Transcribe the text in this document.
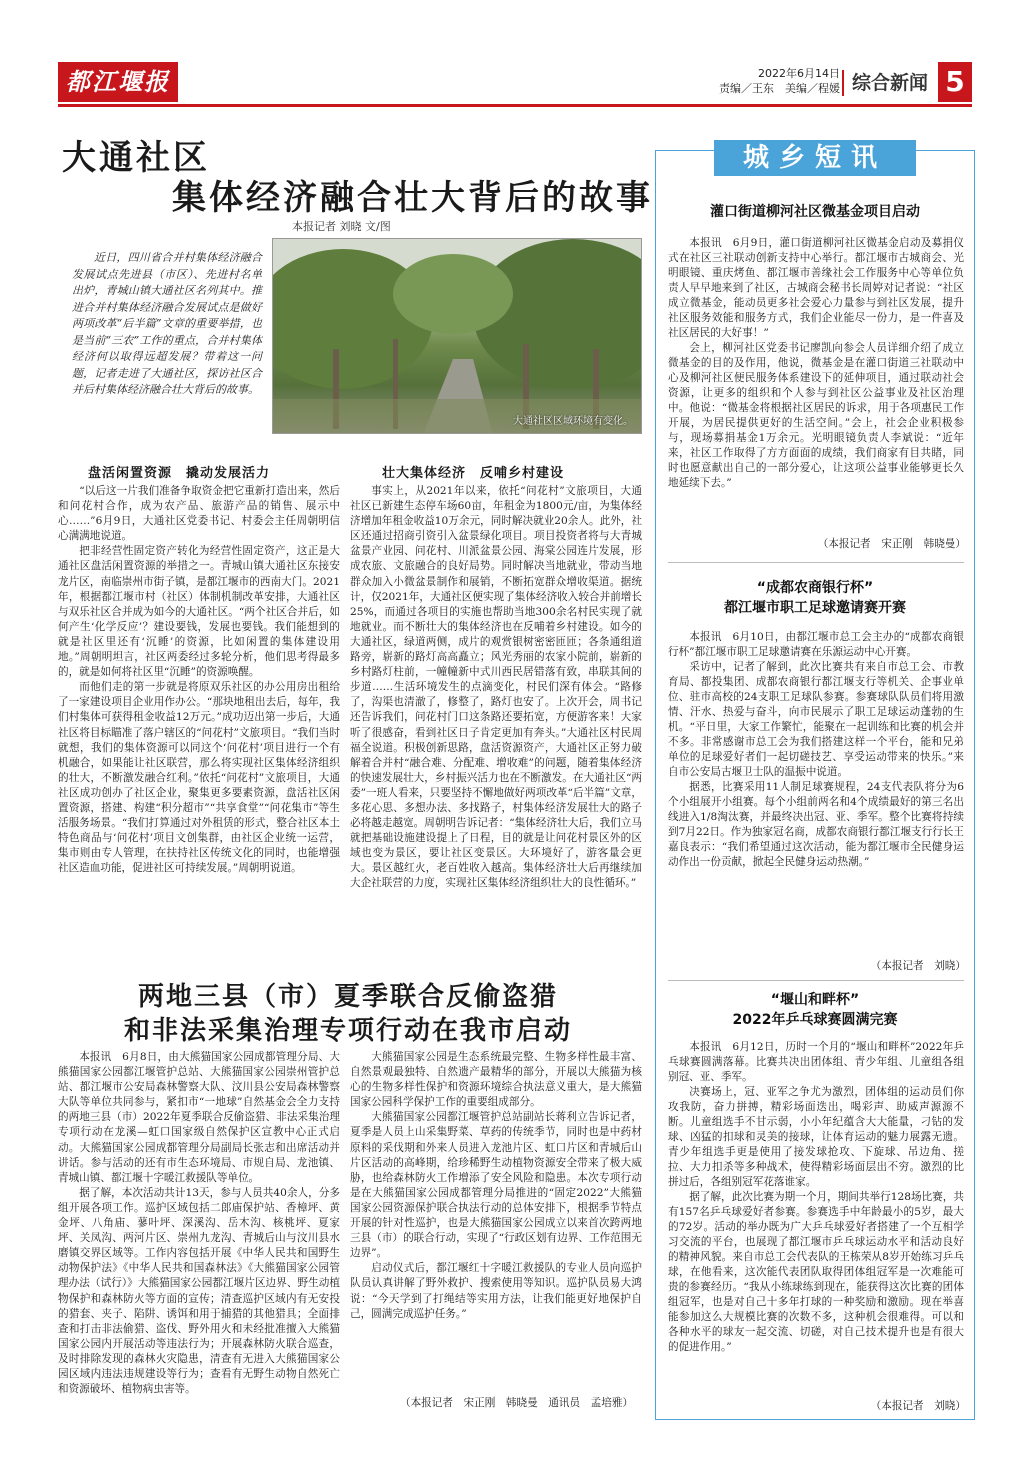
都江堰报	2022年6月14日
责编／王东　美编／程媛 综合新闻 5
大通社区
集体经济融合壮大背后的故事
本报记者 刘晓 文/图
近日，四川省合并村集体经济融合发展试点先进县（市区）、先进村名单出炉，青城山镇大通社区名列其中。推进合并村集体经济融合发展试点是做好两项改革“后半篇”文章的重要举措，也是当前“三农”工作的重点，合并村集体经济何以取得远超发展？带着这一问题，记者走进了大通社区，探访社区合并后村集体经济融合壮大背后的故事。
大通社区区域环境有变化。
盘活闲置资源　撬动发展活力	壮大集体经济　反哺乡村建设

“以后这一片我们准备争取资金把它重新打造出来，然后和问花村合作，成为农产品、旅游产品的销售、展示中心……”6月9日，大通社区党委书记、村委会主任周朝明信心满满地说道。

把非经营性固定资产转化为经营性固定资产，这正是大通社区盘活闲置资源的举措之一。青城山镇大通社区东接安龙片区，南临崇州市街子镇，是都江堰市的西南大门。2021年，根据都江堰市村（社区）体制机制改革安排，大通社区与双乐社区合并成为如今的大通社区。“两个社区合并后，如何产生‘化学反应’？建设要钱，发展也要钱。我们能想到的就是社区里还有‘沉睡’的资源，比如闲置的集体建设用地。”周朝明坦言，社区两委经过多轮分析，他们思考得最多的，就是如何将社区里“沉睡”的资源唤醒。

而他们走的第一步就是将原双乐社区的办公用房出租给了一家建设项目企业用作办公。“那块地租出去后，每年，我们村集体可获得租金收益12万元。”成功迈出第一步后，大通社区将目标瞄准了落户辖区的“问花村”文旅项目。“我们当时就想，我们的集体资源可以同这个‘问花村’项目进行一个有机融合，如果能让社区联营，那么将实现社区集体经济组织的壮大，不断激发融合红利。”依托“问花村”文旅项目，大通社区成功创办了社区企业，聚集更多要素资源，盘活社区闲置资源，搭建、构建“积分超市”“共享食堂”“问花集市”等生活服务场景。“我们打算通过对外租赁的形式，整合社区本土特色商品与‘问花村’项目文创集群，由社区企业统一运营，集市则由专人管理，在扶持社区传统文化的同时，也能增强社区造血功能，促进社区可持续发展。”周朝明说道。

事实上，从2021年以来，依托“问花村”文旅项目，大通社区已新建生态停车场60亩，年租金为1800元/亩，为集体经济增加年租金收益10万余元，同时解决就业20余人。此外，社区还通过招商引资引入盆景绿化项目。项目投资者将与大青城盆景产业园、问花村、川派盆景公园、海棠公园连片发展，形成农旅、文旅融合的良好局势。同时解决当地就业，带动当地群众加入小微盆景制作和展销，不断拓宽群众增收渠道。据统计，仅2021年，大通社区便实现了集体经济收入较合并前增长25%，而通过各项目的实施也帮助当地300余名村民实现了就地就业。而不断壮大的集体经济也在反哺着乡村建设。如今的大通社区，绿道两侧，成片的观赏银树密密匝匝；各条通组道路旁，崭新的路灯高高矗立；风光秀丽的农家小院前，崭新的乡村路灯柱前，一幢幢新中式川西民居错落有致，串联其间的步道……生活环境发生的点滴变化，村民们深有体会。“路修了，沟渠也清澈了，修整了，路灯也安了。上次开会，周书记还告诉我们，问花村门口这条路还要拓宽，方便游客来！大家听了很感奋，看到社区日子肯定更加有奔头。”大通社区村民周福全说道。积极创新思路，盘活资源资产，大通社区正努力破解着合并村“融合难、分配难、增收难”的问题，随着集体经济的快速发展壮大，乡村振兴活力也在不断激发。在大通社区“两委”一班人看来，只要坚持不懈地做好两项改革“后半篇”文章，多花心思、多想办法、多找路子，村集体经济发展壮大的路子必将越走越宽。周朝明告诉记者：“集体经济壮大后，我们立马就把基础设施建设提上了日程，目的就是让问花村景区外的区域也变为景区，要让社区变景区。大环境好了，游客量会更大。景区越红火，老百姓收入越高。集体经济壮大后再继续加大企社联营的力度，实现社区集体经济组织壮大的良性循环。”

两地三县（市）夏季联合反偷盗猎
和非法采集治理专项行动在我市启动

本报讯　6月8日，由大熊猫国家公园成都管理分局、大熊猫国家公园都江堰管护总站、大熊猫国家公园崇州管护总站、都江堰市公安局森林警察大队、汶川县公安局森林警察大队等单位共同参与，紧扣市“一地球”自然基金会全力支持的两地三县（市）2022年夏季联合反偷盗猎、非法采集治理专项行动在龙溪—虹口国家级自然保护区宣教中心正式启动。大熊猫国家公园成都管理分局副局长张志和出席活动并讲话。参与活动的还有市生态环境局、市规自局、龙池镇、青城山镇、都江堰十字暖江救援队等单位。

据了解，本次活动共计13天，参与人员共40余人，分多组开展各项工作。巡护区域包括二郎庙保护站、香樟坪、黄金坪、八角庙、蓼叶坪、深溪沟、岳木沟、核桃坪、夏家坪、关凤沟、两河片区、崇州九龙沟、青城后山与汶川县水磨镇交界区域等。工作内容包括开展《中华人民共和国野生动物保护法》《中华人民共和国森林法》《大熊猫国家公园管理办法（试行）》大熊猫国家公园都江堰片区边界、野生动植物保护和森林防火等方面的宣传；清查巡护区域内有无安投的猎套、夹子、陷阱、诱饵和用于捕猎的其他猎具；全面排查和打击非法偷猎、盗伐、野外用火和未经批准擅入大熊猫国家公园内开展活动等违法行为；开展森林防火联合巡查，及时排除发现的森林火灾隐患，清查有无进入大熊猫国家公园区域内违法违规建设等行为；查看有无野生动物自然死亡和资源破坏、植物病虫害等。

大熊猫国家公园是生态系统最完整、生物多样性最丰富、自然景观最独特、自然遗产最精华的部分，开展以大熊猫为核心的生物多样性保护和资源环境综合执法意义重大，是大熊猫国家公园科学保护工作的重要组成部分。

大熊猫国家公园都江堰管护总站副站长蒋利立告诉记者，夏季是人员上山采集野菜、草药的传统季节，同时也是中药材原料的采伐期和外来人员进入龙池片区、虹口片区和青城后山片区活动的高峰期，给珍稀野生动植物资源安全带来了极大威胁，也给森林防火工作增添了安全风险和隐患。本次专项行动是在大熊猫国家公园成都管理分局推进的“固定2022”大熊猫国家公园资源保护联合执法行动的总体安排下，根据季节特点开展的针对性巡护，也是大熊猫国家公园成立以来首次跨两地三县（市）的联合行动，实现了“行政区划有边界、工作范围无边界”。

启动仪式后，都江堰红十字暖江救援队的专业人员向巡护队员认真讲解了野外救护、搜索使用等知识。巡护队员易大鸿说：“今天学到了打绳结等实用方法，让我们能更好地保护自己，圆满完成巡护任务。”

（本报记者　宋正刚　韩晓曼　通讯员　孟培雅）
城乡短讯
灌口街道柳河社区微基金项目启动

本报讯　6月9日，灌口街道柳河社区微基金启动及募捐仪式在社区三社联动创新支持中心举行。都江堰市古城商会、光明眼镜、重庆烤鱼、都江堰市善缘社会工作服务中心等单位负责人早早地来到了社区，古城商会秘书长周婷对记者说：“社区成立微基金，能动员更多社会爱心力量参与到社区发展，提升社区服务效能和服务方式，我们企业能尽一份力，是一件喜及社区居民的大好事！”

会上，柳河社区党委书记廖凯向参会人员详细介绍了成立微基金的目的及作用，他说，微基金是在灌口街道三社联动中心及柳河社区便民服务体系建设下的延伸项目，通过联动社会资源，让更多的组织和个人参与到社区公益事业及社区治理中。他说：“微基金将根据社区居民的诉求，用于各项惠民工作开展，为居民提供更好的生活空间。”会上，社会企业积极参与，现场募捐基金1万余元。光明眼镜负责人李斌说：“近年来，社区工作取得了方方面面的成绩，我们商家有目共睹，同时也愿意献出自己的一部分爱心，让这项公益事业能够更长久地延续下去。”

（本报记者　宋正刚　韩晓曼）
“成都农商银行杯”
都江堰市职工足球邀请赛开赛

本报讯　6月10日，由都江堰市总工会主办的“成都农商银行杯”都江堰市职工足球邀请赛在乐源运动中心开赛。

采访中，记者了解到，此次比赛共有来自市总工会、市教育局、都投集团、成都农商银行都江堰支行等机关、企事业单位、驻市高校的24支职工足球队参赛。参赛球队队员们将用激情、汗水、热爱与奋斗，向市民展示了职工足球运动蓬勃的生机。“平日里，大家工作繁忙，能聚在一起训练和比赛的机会并不多。非常感谢市总工会为我们搭建这样一个平台，能和兄弟单位的足球爱好者们一起切磋技艺、享受运动带来的快乐。”来自市公安局古堰卫士队的温振中说道。

据悉，比赛采用11人制足球赛规程，24支代表队将分为6个小组展开小组赛。每个小组前两名和4个成绩最好的第三名出线进入1/8淘汰赛，并最终决出冠、亚、季军。整个比赛将持续到7月22日。作为独家冠名商，成都农商银行都江堰支行行长王嘉良表示：“我们希望通过这次活动，能为都江堰市全民健身运动作出一份贡献，掀起全民健身运动热潮。”

（本报记者　刘晓）
“堰山和畔杯”
2022年乒乓球赛圆满完赛

本报讯　6月12日，历时一个月的“堰山和畔杯”2022年乒乓球赛圆满落幕。比赛共决出团体组、青少年组、儿童组各组别冠、亚、季军。

决赛场上，冠、亚军之争尤为激烈，团体组的运动员们你攻我防，奋力拼搏，精彩场面迭出，喝彩声、助威声源源不断。儿童组选手不甘示弱，小小年纪蕴含大大能量，刁钻的发球、凶猛的扣球和灵美的接球，让体育运动的魅力展露无遗。青少年组选手更是使用了接发球抢攻、下旋球、吊边角、搓拉、大力扣杀等多种战术，使得精彩场面层出不穷。激烈的比拼过后，各组别冠军花落谁家。

据了解，此次比赛为期一个月，期间共举行128场比赛，共有157名乒乓球爱好者参赛。参赛选手中年龄最小的5岁，最大的72岁。活动的举办既为广大乒乓球爱好者搭建了一个互相学习交流的平台，也展现了都江堰市乒乓球运动水平和活动良好的精神风貌。来自市总工会代表队的王栋荣从8岁开始练习乒乓球，在他看来，这次能代表团队取得团体组冠军是一次难能可贵的参赛经历。“我从小练球练到现在，能获得这次比赛的团体组冠军，也是对自己十多年打球的一种奖励和激励。现在举喜能参加这么大规模比赛的次数不多，这种机会很难得。可以和各种水平的球友一起交流、切磋，对自己技术提升也是有很大的促进作用。”

（本报记者　刘晓）
